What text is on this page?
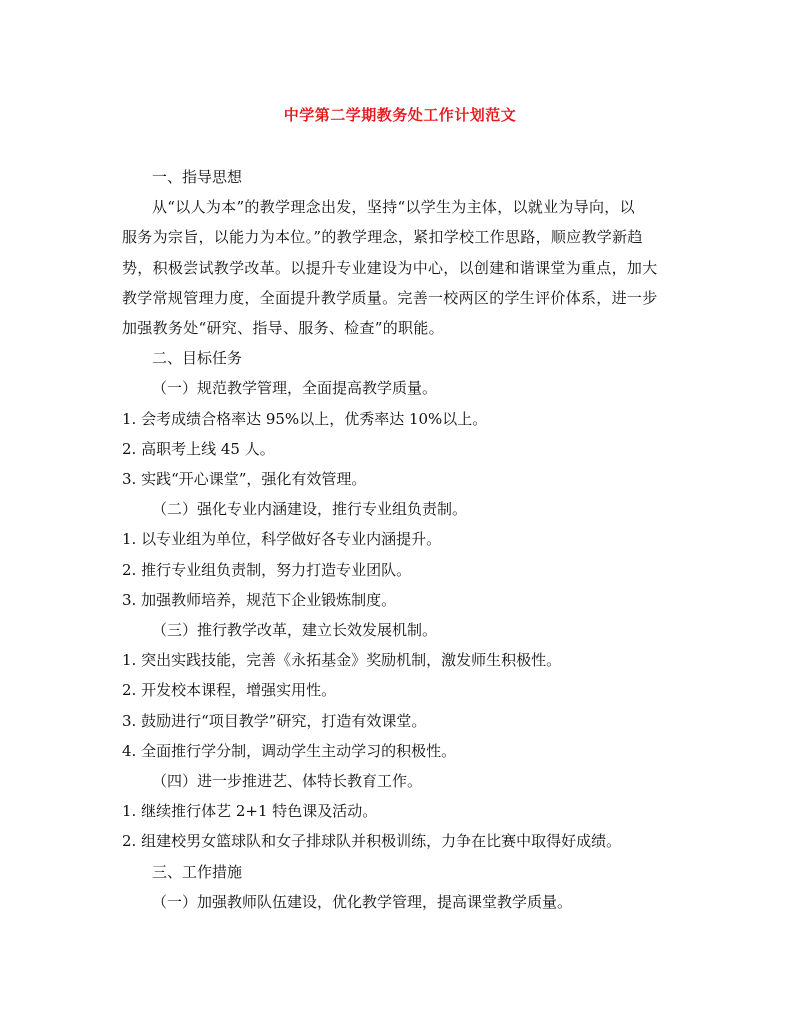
中学第二学期教务处工作计划范文
一、指导思想
从“以人为本”的教学理念出发，坚持“以学生为主体，以就业为导向，以
服务为宗旨，以能力为本位。”的教学理念，紧扣学校工作思路，顺应教学新趋
势，积极尝试教学改革。以提升专业建设为中心，以创建和谐课堂为重点，加大
教学常规管理力度，全面提升教学质量。完善一校两区的学生评价体系，进一步
加强教务处“研究、指导、服务、检查”的职能。
二、目标任务
（一）规范教学管理，全面提高教学质量。
1. 会考成绩合格率达 95%以上，优秀率达 10%以上。
2. 高职考上线 45 人。
3. 实践“开心课堂”，强化有效管理。
（二）强化专业内涵建设，推行专业组负责制。
1. 以专业组为单位，科学做好各专业内涵提升。
2. 推行专业组负责制，努力打造专业团队。
3. 加强教师培养，规范下企业锻炼制度。
（三）推行教学改革，建立长效发展机制。
1. 突出实践技能，完善《永拓基金》奖励机制，激发师生积极性。
2. 开发校本课程，增强实用性。
3. 鼓励进行“项目教学”研究，打造有效课堂。
4. 全面推行学分制，调动学生主动学习的积极性。
（四）进一步推进艺、体特长教育工作。
1. 继续推行体艺 2+1 特色课及活动。
2. 组建校男女篮球队和女子排球队并积极训练，力争在比赛中取得好成绩。
三、工作措施
（一）加强教师队伍建设，优化教学管理，提高课堂教学质量。
